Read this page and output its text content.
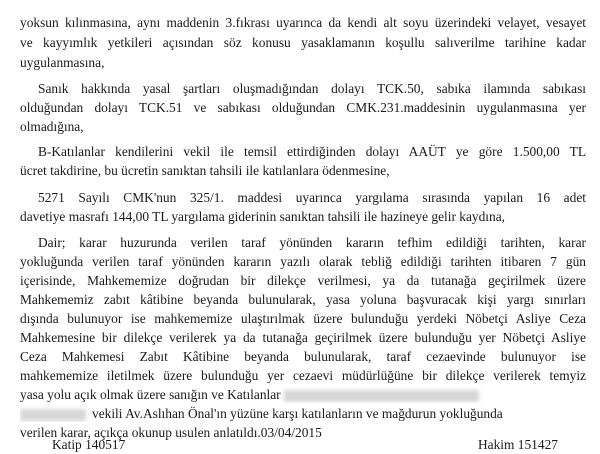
yoksun kılınmasına, aynı maddenin 3.fıkrası uyarınca da kendi alt soyu üzerindeki velayet, vesayet
ve kayyımlık yetkileri açısından söz konusu yasaklamanın koşullu salıverilme tarihine kadar
uygulanmasına,
Sanık hakkında yasal şartları oluşmadığından dolayı TCK.50, sabıka ilamında sabıkası
olduğundan dolayı TCK.51 ve sabıkası olduğundan CMK.231.maddesinin uygulanmasına yer
olmadığına,
B-Katılanlar kendilerini vekil ile temsil ettirdiğinden dolayı AAÜT ye göre 1.500,00 TL
ücret takdirine, bu ücretin sanıktan tahsili ile katılanlara ödenmesine,
5271 Sayılı CMK'nun 325/1. maddesi uyarınca yargılama sırasında yapılan 16 adet
davetiye masrafı 144,00 TL yargılama giderinin sanıktan tahsili ile hazineye gelir kaydına,
Dair; karar huzurunda verilen taraf yönünden kararın tefhim edildiği tarihten, karar
yokluğunda verilen taraf yönünden kararın yazılı olarak tebliğ edildiği tarihten itibaren 7 gün
içerisinde, Mahkememize doğrudan bir dilekçe verilmesi, ya da tutanağa geçirilmek üzere
Mahkememiz zabıt kâtibine beyanda bulunularak, yasa yoluna başvuracak kişi yargı sınırları
dışında bulunuyor ise mahkememize ulaştırılmak üzere bulunduğu yerdeki Nöbetçi Asliye Ceza
Mahkemesine bir dilekçe verilerek ya da tutanağa geçirilmek üzere bulunduğu yer Nöbetçi Asliye
Ceza Mahkemesi Zabıt Kâtibine beyanda bulunularak, taraf cezaevinde bulunuyor ise
mahkememize iletilmek üzere bulunduğu yer cezaevi müdürlüğüne bir dilekçe verilerek temyiz
yasa yolu açık olmak üzere sanığın ve Katılanlar
vekili Av.Aslıhan Önal'ın yüzüne karşı katılanların ve mağdurun yokluğunda
verilen karar, açıkça okunup usulen anlatıldı.03/04/2015
Katip 140517	Hakim 151427
